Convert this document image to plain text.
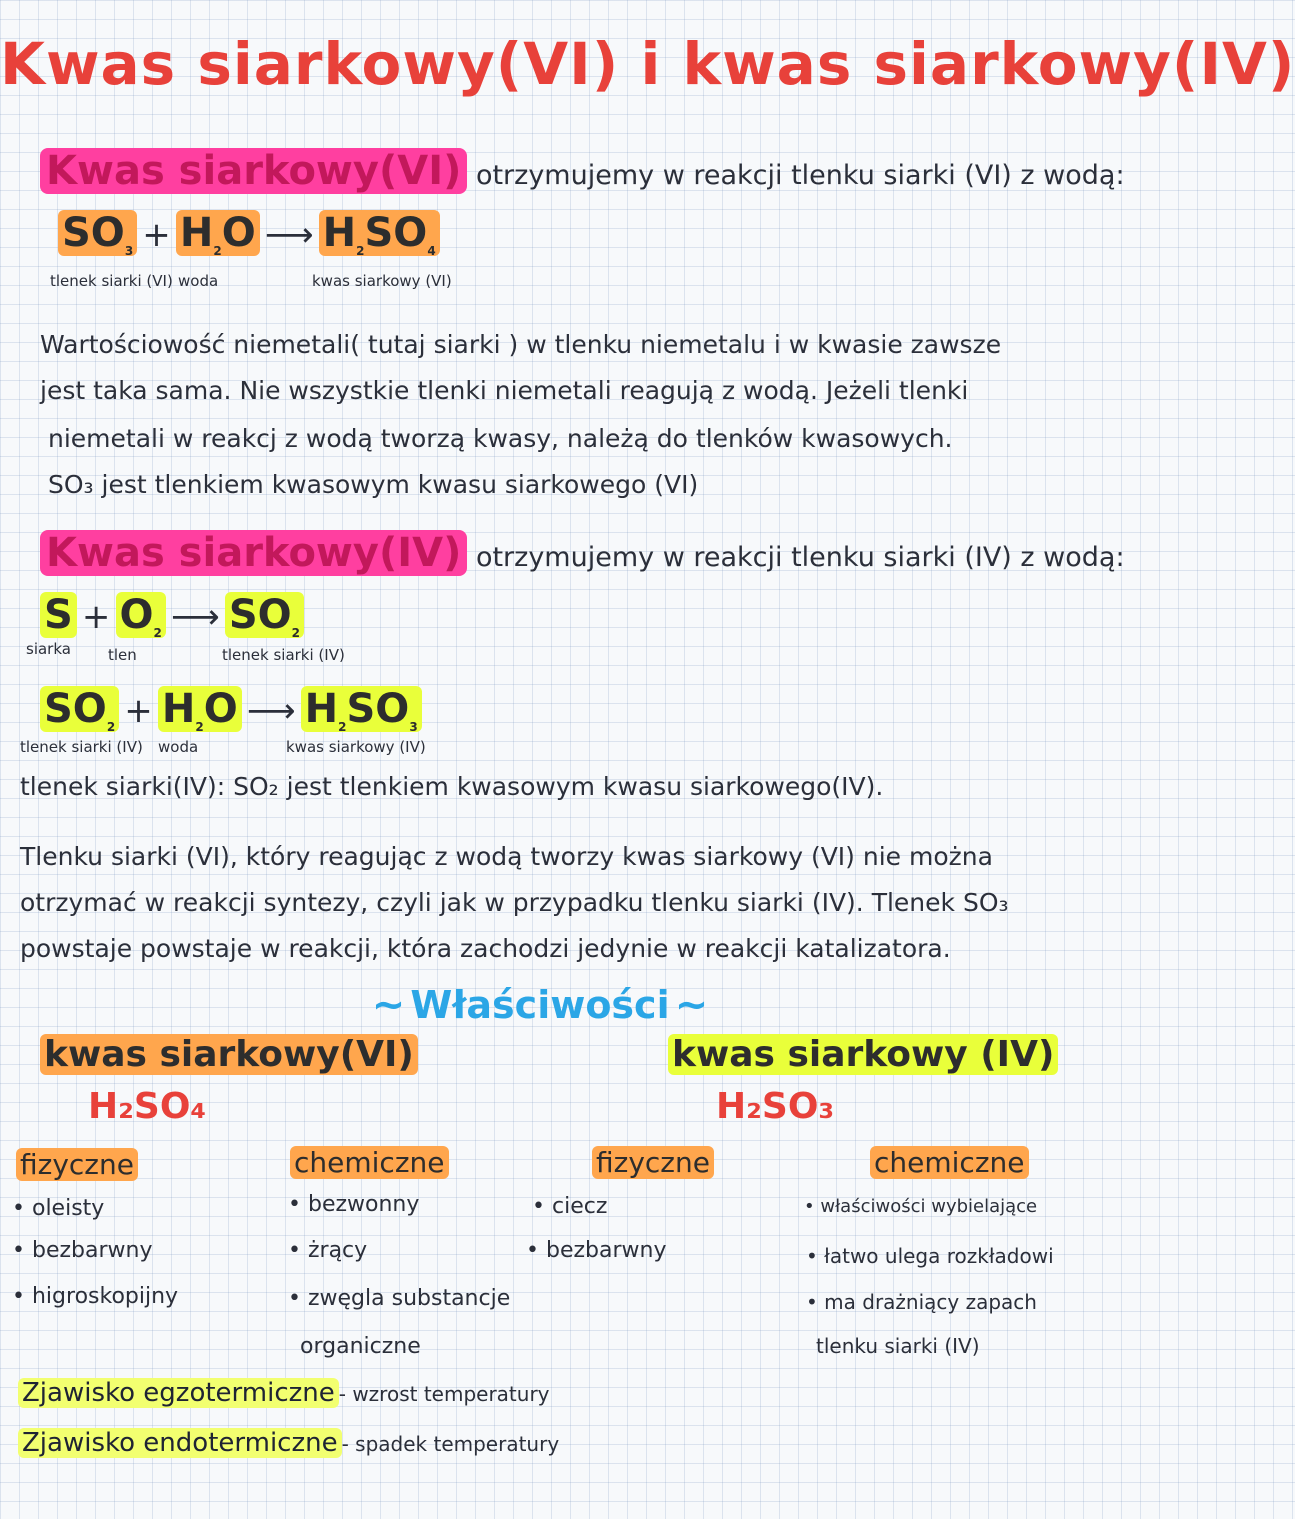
Kwas siarkowy(VI) i kwas siarkowy(IV)
Kwas siarkowy(VI) otrzymujemy w reakcji tlenku siarki (VI) z wodą:
$SO_3 + H_2O$ ⟶ $H_2SO_4$
tlenek siarki (VI) woda	kwas siarkowy (VI)
Wartościowość niemetali( tutaj siarki ) w tlenku niemetalu i w kwasie zawsze
jest taka sama. Nie wszystkie tlenki niemetali reagują z wodą. Jeżeli tlenki
niemetali w reakcj z wodą tworzą kwasy, należą do tlenków kwasowych.
SO₃ jest tlenkiem kwasowym kwasu siarkowego (VI)
Kwas siarkowy(IV) otrzymujemy w reakcji tlenku siarki (IV) z wodą:
$S + O_2$ ⟶ $SO_2$
siarka tlen	tlenek siarki (IV)
$SO_2 + H_2O$ ⟶ $H_2SO_3$
tlenek siarki (IV) woda	kwas siarkowy (IV)
tlenek siarki(IV): SO₂ jest tlenkiem kwasowym kwasu siarkowego(IV).
Tlenku siarki (VI), który reagując z wodą tworzy kwas siarkowy (VI) nie można
otrzymać w reakcji syntezy, czyli jak w przypadku tlenku siarki (IV). Tlenek SO₃
powstaje powstaje w reakcji, która zachodzi jedynie w reakcji katalizatora.
~ Właściwości ~
kwas siarkowy(VI)
H₂SO₄
fizyczne
• oleisty
• bezbarwny
• higroskopijny
chemiczne
• bezwonny
• żrący
• zwęgla substancje
organiczne
kwas siarkowy (IV)
H₂SO₃
fizyczne
• ciecz
• bezbarwny
chemiczne
• właściwości wybielające
• łatwo ulega rozkładowi
• ma drażniący zapach
tlenku siarki (IV)
Zjawisko egzotermiczne - wzrost temperatury
Zjawisko endotermiczne - spadek temperatury
